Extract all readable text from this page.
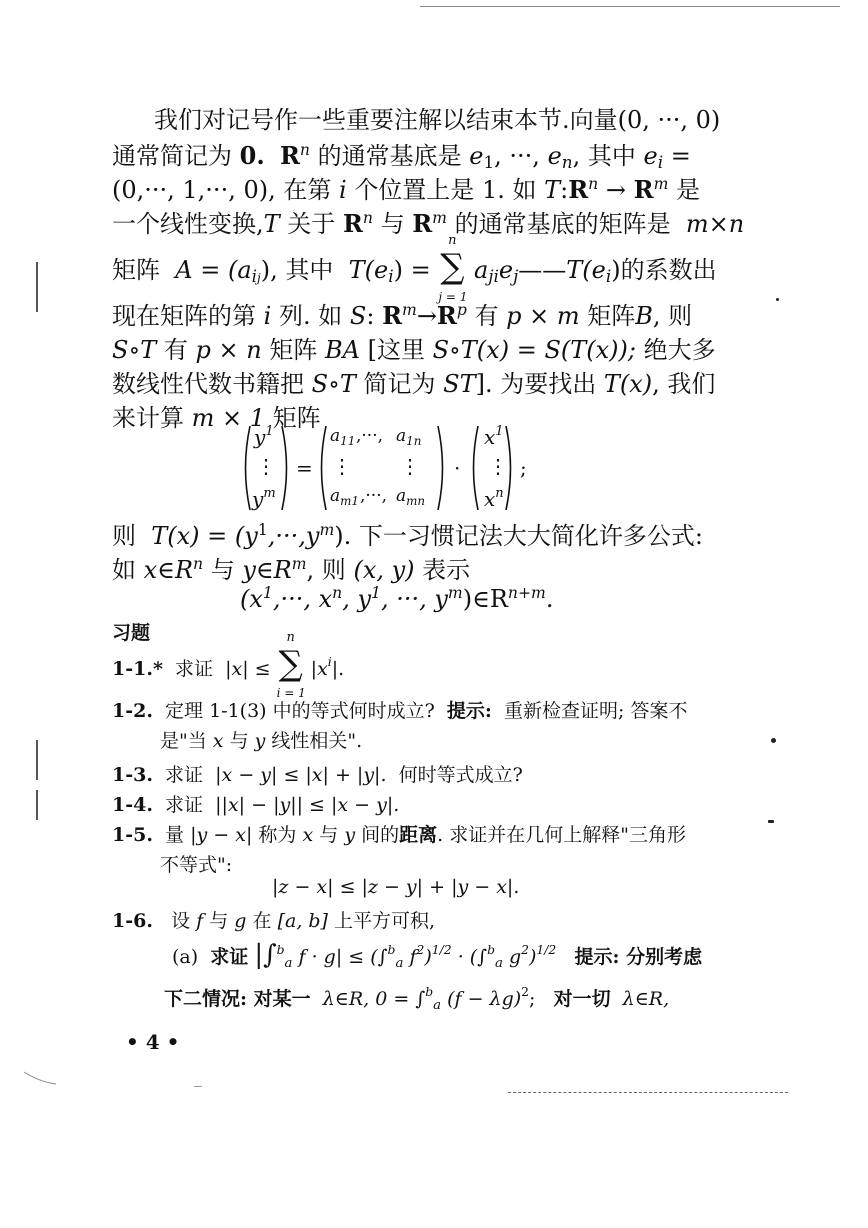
我们对记号作一些重要注解以结束本节.向量(0, ···, 0)
通常简记为 0. $R^n$ 的通常基底是 $e_1$, ···, $e_n$, 其中 $e_i$ =
(0,···, 1,···, 0), 在第 i 个位置上是 1. 如 $T:R^n \to R^m$ 是
一个线性变换,T 关于 $R^n$ 与 $R^m$ 的通常基底的矩阵是 m×n
矩阵 $A = (a_{ij})$, 其中 $T(e_i)$ =
n
∑
j = 1
$a_{ji}e_j——T(e_i)$的系数出
现在矩阵的第 i 列. 如 S: $R^m\to R^p$ 有 p × m 矩阵B, 则
S∘T 有 p × n 矩阵 BA [这里 S∘T(x) = S(T(x)); 绝大多
数线性代数书籍把 S∘T 简记为 ST]. 为要找出 T(x), 我们
来计算 m × 1 矩阵
$y^1$
⋮
$y^m$
=
$a_{11}$ ,···, $a_{1n}$
⋮ ⋮
$a_{m1}$ ,···, $a_{mn}$
·
$x^1$
⋮
$x^n$
;
则 $T(x) = (y^1,\cdot\cdot\cdot,y^m)$. 下一习惯记法大大简化许多公式:
如 $x\in R^n$ 与 $y\in R^m$, 则 (x, y) 表示
($x^1,\cdot\cdot\cdot$, $x^n$, $y^1$, ···, $y^m)\in R^{n+m}$.
习题
1-1.* 求证 |x| ≤
n
∑
i = 1
$|x^i|$.
1-2. 定理 1-1(3) 中的等式何时成立? 提示: 重新检查证明; 答案不
是"当 x 与 y 线性相关".
1-3. 求证 |x − y| ≤ |x| + |y|. 何时等式成立?
1-4. 求证 ||x| − |y|| ≤ |x − y|.
1-5. 量 |y − x| 称为 x 与 y 间的距离. 求证并在几何上解释"三角形
不等式":
|z − x| ≤ |z − y| + |y − x|.
1-6. 设 f 与 g 在 [a, b] 上平方可积,
(a) 求证 |∫$^b_a$ f · g| ≤ (∫$^b_a$ $f^2)^{1/2} \cdot (\int^b_a$ $g^2)^{1/2}$ 提示: 分别考虑
下二情况: 对某一 λ∈R, 0 = ∫$^b_a$ $(f - \lambda g)^2$; 对一切 λ∈R,
• 4 •
